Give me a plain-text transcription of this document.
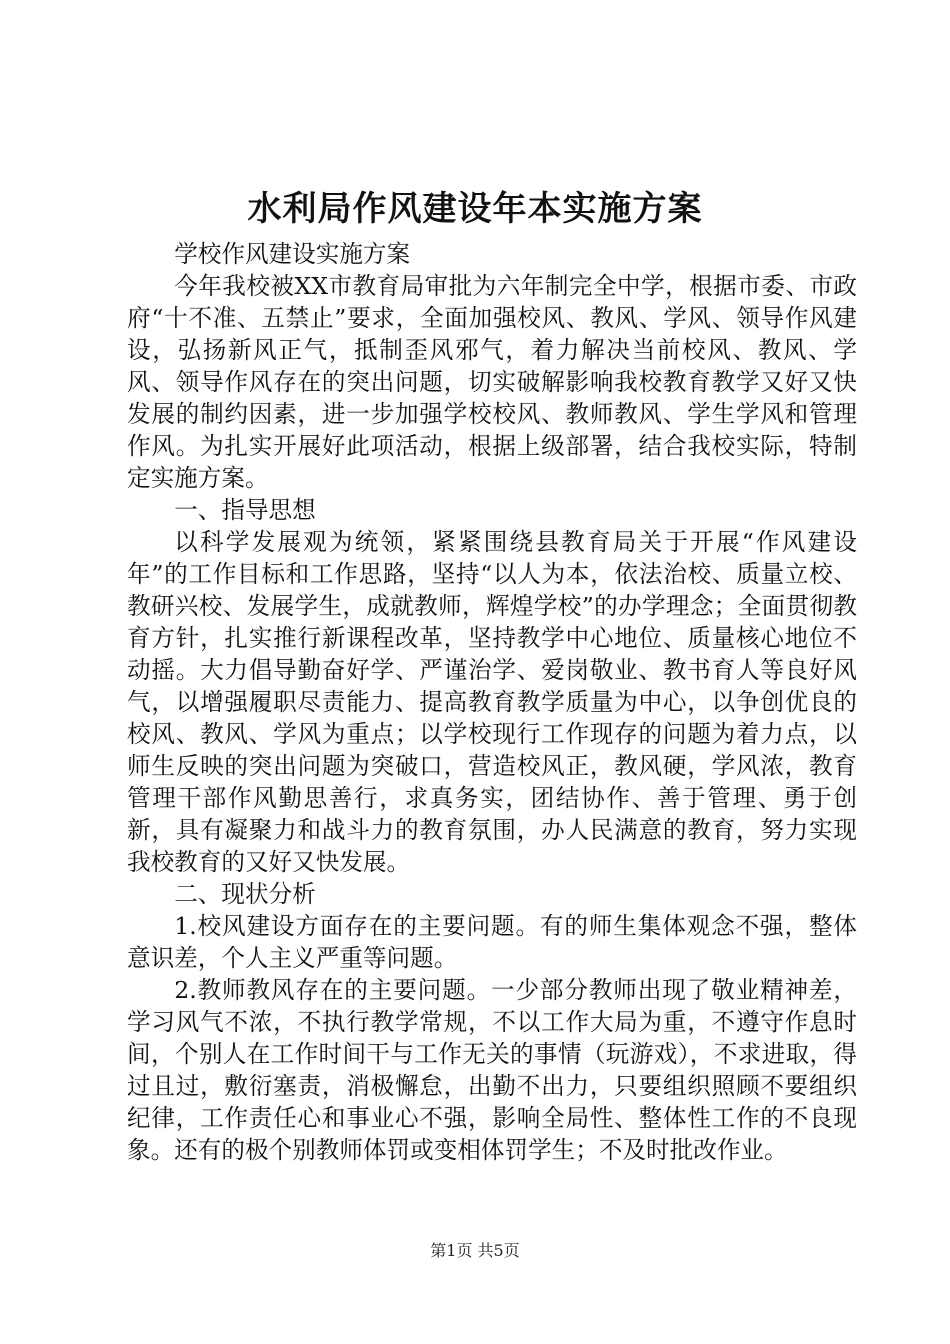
水利局作风建设年本实施方案

学校作风建设实施方案

今年我校被XX市教育局审批为六年制完全中学，根据市委、市政府“十不准、五禁止”要求，全面加强校风、教风、学风、领导作风建设，弘扬新风正气，抵制歪风邪气，着力解决当前校风、教风、学风、领导作风存在的突出问题，切实破解影响我校教育教学又好又快发展的制约因素，进一步加强学校校风、教师教风、学生学风和管理作风。为扎实开展好此项活动，根据上级部署，结合我校实际，特制定实施方案。

一、指导思想

以科学发展观为统领，紧紧围绕县教育局关于开展“作风建设年”的工作目标和工作思路，坚持“以人为本，依法治校、质量立校、教研兴校、发展学生，成就教师，辉煌学校”的办学理念；全面贯彻教育方针，扎实推行新课程改革，坚持教学中心地位、质量核心地位不动摇。大力倡导勤奋好学、严谨治学、爱岗敬业、教书育人等良好风气，以增强履职尽责能力、提高教育教学质量为中心，以争创优良的校风、教风、学风为重点；以学校现行工作现存的问题为着力点，以师生反映的突出问题为突破口，营造校风正，教风硬，学风浓，教育管理干部作风勤思善行，求真务实，团结协作、善于管理、勇于创新，具有凝聚力和战斗力的教育氛围，办人民满意的教育，努力实现我校教育的又好又快发展。

二、现状分析

1.校风建设方面存在的主要问题。有的师生集体观念不强，整体意识差，个人主义严重等问题。

2.教师教风存在的主要问题。一少部分教师出现了敬业精神差，学习风气不浓，不执行教学常规，不以工作大局为重，不遵守作息时间，个别人在工作时间干与工作无关的事情（玩游戏），不求进取，得过且过，敷衍塞责，消极懈怠，出勤不出力，只要组织照顾不要组织纪律，工作责任心和事业心不强，影响全局性、整体性工作的不良现象。还有的极个别教师体罚或变相体罚学生；不及时批改作业。

第1页 共5页
